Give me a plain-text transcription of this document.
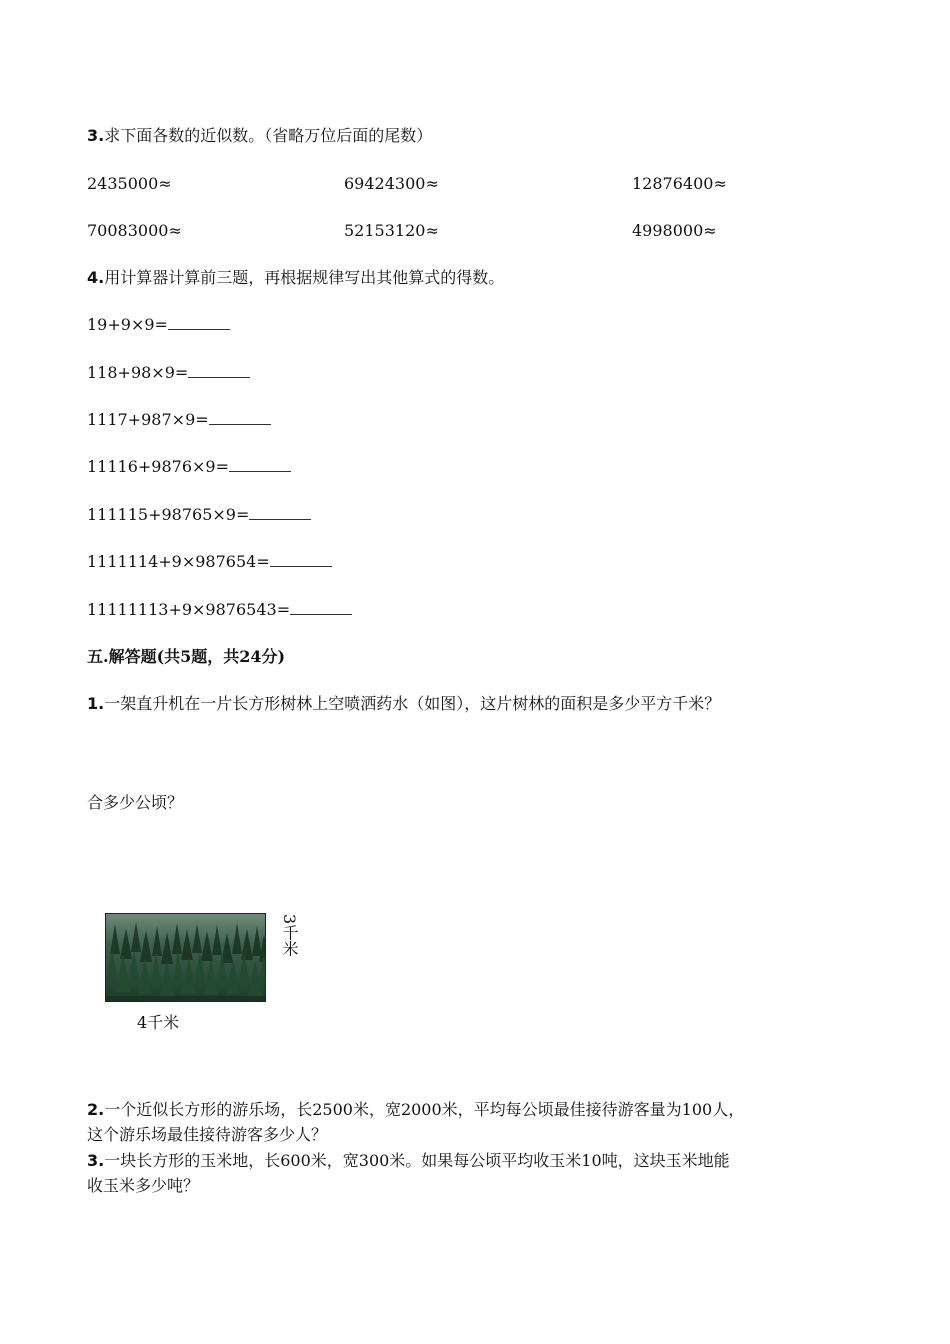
3.求下面各数的近似数。（省略万位后面的尾数）
2435000≈	69424300≈	12876400≈
70083000≈	52153120≈	4998000≈
4.用计算器计算前三题，再根据规律写出其他算式的得数。
19+9×9=
118+98×9=
1117+987×9=
11116+9876×9=
111115+98765×9=
1111114+9×987654=
11111113+9×9876543=
五.解答题(共5题，共24分)
1.一架直升机在一片长方形树林上空喷洒药水（如图），这片树林的面积是多少平方千米？
合多少公顷？
3千米
4千米
2.一个近似长方形的游乐场，长2500米，宽2000米，平均每公顷最佳接待游客量为100人，
这个游乐场最佳接待游客多少人？
3.一块长方形的玉米地，长600米，宽300米。如果每公顷平均收玉米10吨，这块玉米地能
收玉米多少吨？
